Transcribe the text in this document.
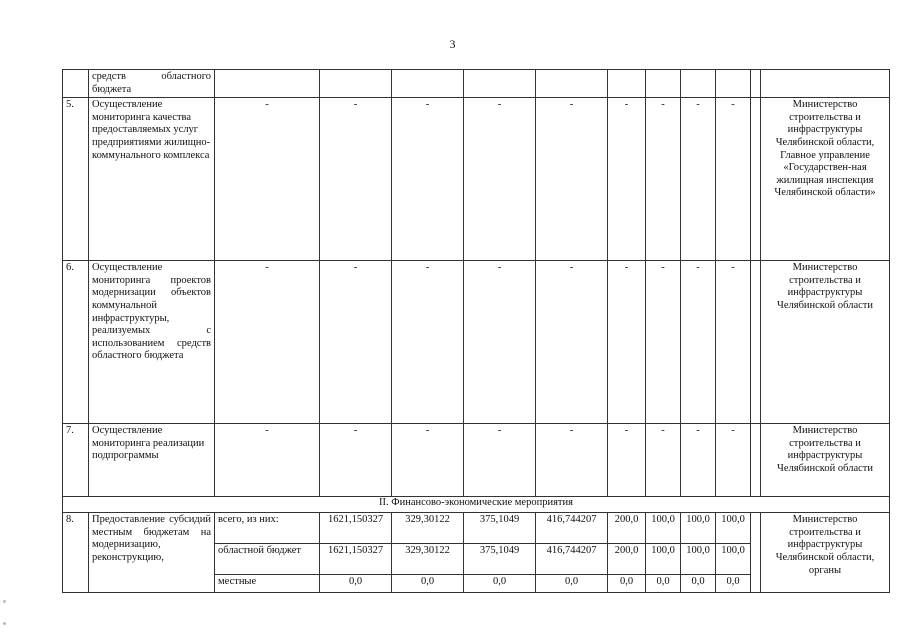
3
	средств областного бюджета											
5.	Осуществление мониторинга качества предоставляемых услуг предприятиями жилищно-коммунального комплекса	-	-	-	-	-	-	-	-	-		Министерство строительства и инфраструктуры Челябинской области, Главное управление «Государствен-ная жилищная инспекция Челябинской области»
6.	Осуществление мониторинга проектов модернизации объектов коммунальной инфраструктуры, реализуемых с использованием средств областного бюджета	-	-	-	-	-	-	-	-	-		Министерство строительства и инфраструктуры Челябинской области
7.	Осуществление мониторинга реализации подпрограммы	-	-	-	-	-	-	-	-	-		Министерство строительства и инфраструктуры Челябинской области
II. Финансово-экономические мероприятия												
8.	Предоставление субсидий местным бюджетам на модернизацию, реконструкцию,	всего, из них:	1621,150327	329,30122	375,1049	416,744207	200,0	100,0	100,0	100,0		Министерство строительства и инфраструктуры Челябинской области, органы
		областной бюджет	1621,150327	329,30122	375,1049	416,744207	200,0	100,0	100,0	100,0		
		местные	0,0	0,0	0,0	0,0	0,0	0,0	0,0	0,0		
